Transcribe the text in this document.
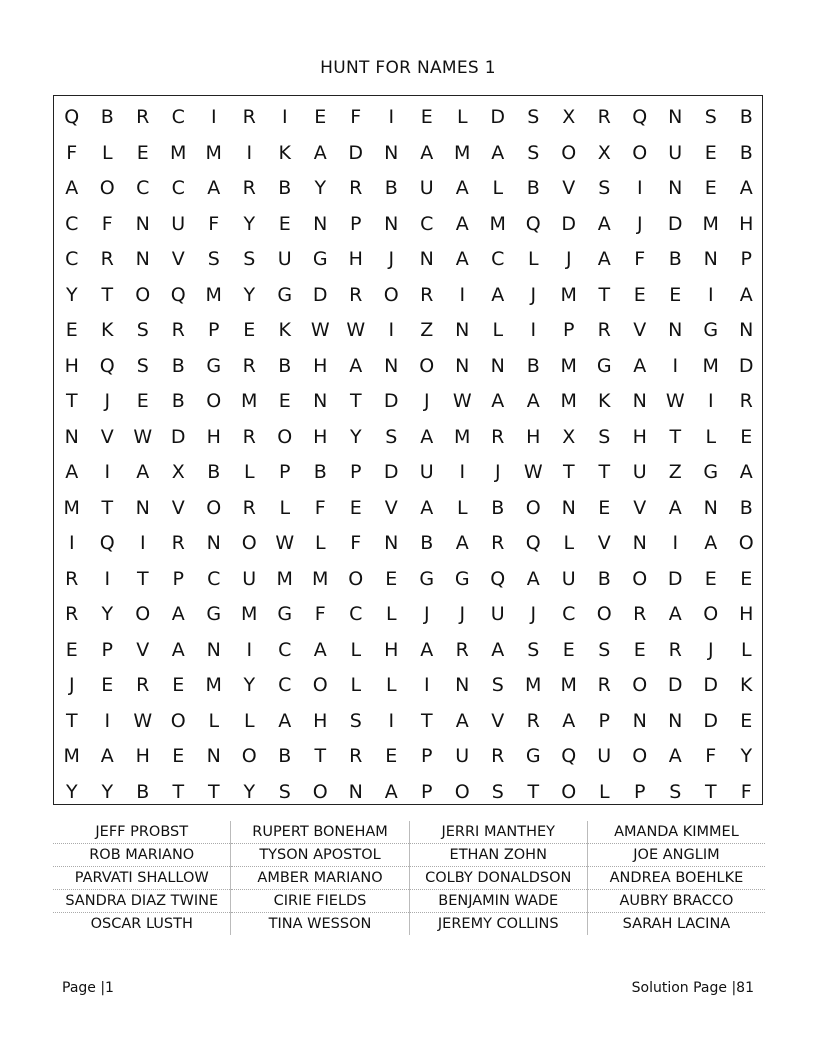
HUNT FOR NAMES 1
Q	B	R	C	I	R	I	E	F	I	E	L	D	S	X	R	Q	N	S	B
F	L	E	M	M	I	K	A	D	N	A	M	A	S	O	X	O	U	E	B
A	O	C	C	A	R	B	Y	R	B	U	A	L	B	V	S	I	N	E	A
C	F	N	U	F	Y	E	N	P	N	C	A	M	Q	D	A	J	D	M	H
C	R	N	V	S	S	U	G	H	J	N	A	C	L	J	A	F	B	N	P
Y	T	O	Q	M	Y	G	D	R	O	R	I	A	J	M	T	E	E	I	A
E	K	S	R	P	E	K	W W	I	Z	N	L	I	P	R	V	N	G	N
H	Q	S	B	G	R	B	H	A	N	O	N	N	B	M	G	A	I	M	D
T	J	E	B	O	M	E	N	T	D	J	W	A	A	M	K	N W	I	R
N	V	W D	H	R	O	H	Y	S	A	M	R	H	X	S	H	T	L	E
A	I	A	X	B	L	P	B	P	D	U	I	J	W	T	T	U	Z	G	A
M	T	N	V	O	R	L	F	E	V	A	L	B	O	N	E	V	A	N	B
I	Q	I	R	N	O W	L	F	N	B	A	R	Q	L	V	N	I	A	O
R	I	T	P	C	U	M	M	O	E	G	G	Q	A	U	B	O	D	E	E
R	Y	O	A	G	M	G	F	C	L	J	J	U	J	C	O	R	A	O	H
E	P	V	A	N	I	C	A	L	H	A	R	A	S	E	S	E	R	J	L
J	E	R	E	M	Y	C	O	L	L	I	N	S	M	M	R	O	D	D	K
T	I	W O	L	L	A	H	S	I	T	A	V	R	A	P	N	N	D	E
M	A	H	E	N	O	B	T	R	E	P	U	R	G	Q	U	O	A	F	Y
Y	Y	B	T	T	Y	S	O	N	A	P	O	S	T	O	L	P	S	T	F
JEFF PROBST	RUPERT BONEHAM	JERRI MANTHEY	AMANDA KIMMEL
ROB MARIANO	TYSON APOSTOL	ETHAN ZOHN	JOE ANGLIM
PARVATI SHALLOW	AMBER MARIANO	COLBY DONALDSON	ANDREA BOEHLKE
SANDRA DIAZ TWINE	CIRIE FIELDS	BENJAMIN WADE	AUBRY BRACCO
OSCAR LUSTH	TINA WESSON	JEREMY COLLINS	SARAH LACINA
Page |1	Solution Page |81
